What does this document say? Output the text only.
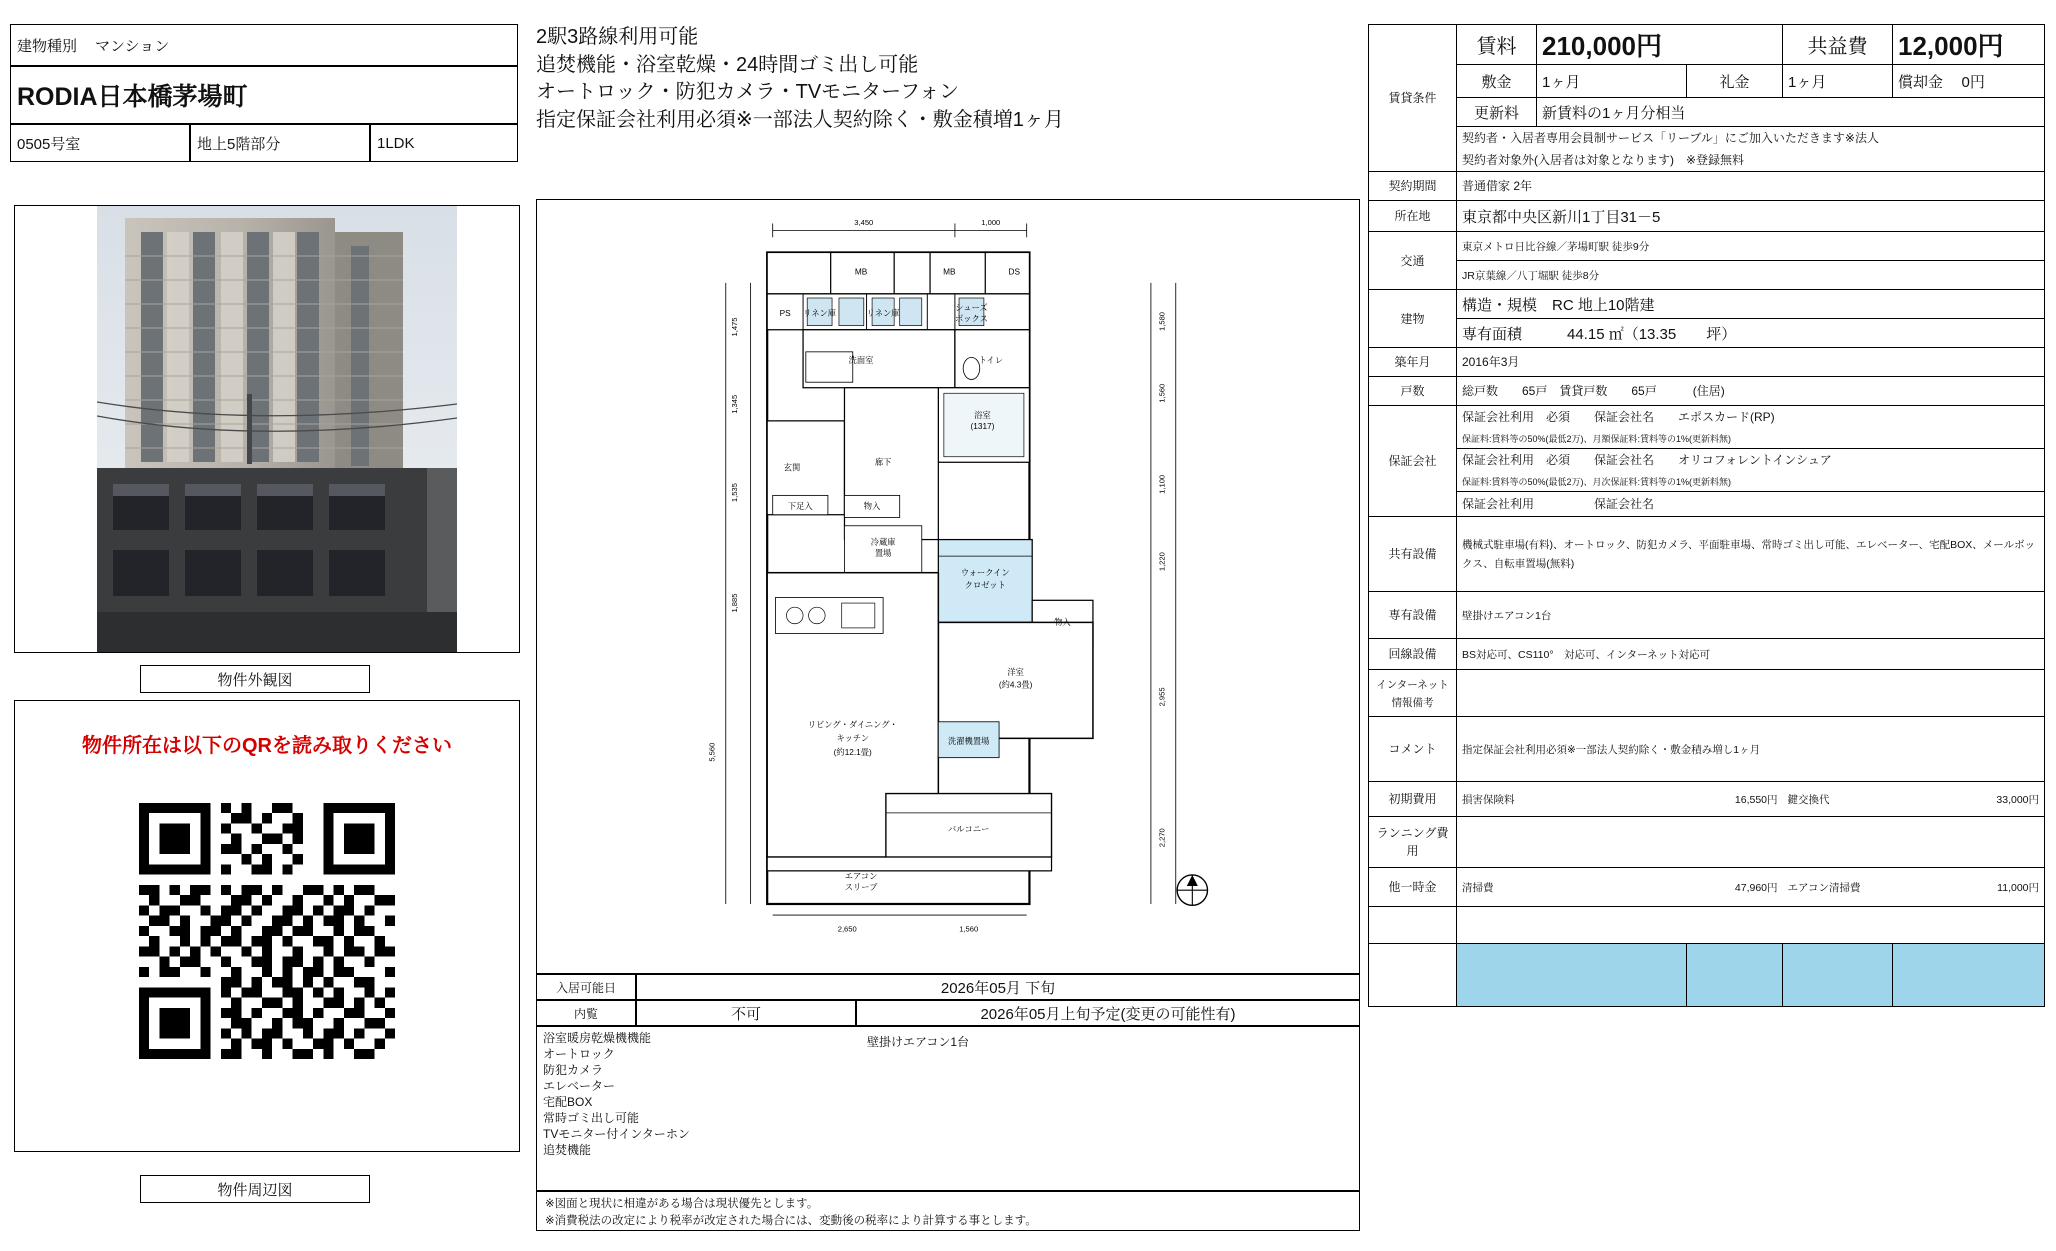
建物種別 マンション
RODIA日本橋茅場町
0505号室	地上5階部分	1LDK
物件外観図
物件所在は以下のQRを読み取りください
物件周辺図

2駅3路線利用可能

追焚機能・浴室乾燥・24時間ゴミ出し可能

オートロック・防犯カメラ・TVモニターフォン

指定保証会社利用必須※一部法人契約除く・敷金積増1ヶ月

MB	MB	DS
PS リネン庫	リネン庫
シューズ
ボックス
洗面室	トイレ
浴室
(1317)
玄関
廊下
下足入	物入
冷蔵庫
置場
ウォークイン
クロゼット
物入
洋室
(約4.3畳)
リビング・ダイニング・
キッチン
(約12.1畳)
洗濯機置場
バルコニー
エアコン
スリーブ
3,450	1,000
2,650	1,560
1,475
1,345
1,535
1,885
5,560
1,580
1,560
1,100
1,220
2,955
2,270
入居可能日	2026年05月 下旬
内覧	不可	2026年05月上旬予定(変更の可能性有)
浴室暖房乾燥機機能
オートロック
防犯カメラ
エレベーター
宅配BOX
常時ゴミ出し可能
TVモニター付インターホン
追焚機能
壁掛けエアコン1台
※図面と現状に相違がある場合は現状優先とします。
※消費税法の改定により税率が改定された場合には、変動後の税率により計算する事とします。
賃貸条件	賃料	210,000円		共益費	12,000円
	敷金	1ヶ月	礼金	1ヶ月	償却金 0円
	更新料	新賃料の1ヶ月分相当			
	契約者・入居者専用会員制サービス「リーブル」にご加入いただきます※法人				
	契約者対象外(入居者は対象となります)　※登録無料				
契約期間	普通借家 2年				
所在地	東京都中央区新川1丁目31－5				
交通	東京メトロ日比谷線／茅場町駅 徒歩9分				
	JR京葉線／八丁堀駅 徒歩8分				
建物	構造・規模　RC 地上10階建				
	専有面積　　　44.15 ㎡（13.35　　坪）				
築年月	2016年3月				
戸数	総戸数　　65戸　賃貸戸数　　65戸　　　(住居)				
保証会社	保証会社利用　必須　　保証会社名　　エポスカード(RP)				
	保証料:賃料等の50%(最低2万)、月額保証料:賃料等の1%(更新料無)				
	保証会社利用　必須　　保証会社名　　オリコフォレントインシュア				
	保証料:賃料等の50%(最低2万)、月次保証料:賃料等の1%(更新料無)				
	保証会社利用　　　　　保証会社名				
共有設備	機械式駐車場(有料)、オートロック、防犯カメラ、平面駐車場、常時ゴミ出し可能、エレベーター、宅配BOX、メールボックス、自転車置場(無料)				
専有設備	壁掛けエアコン1台				
回線設備	BS対応可、CS110°　対応可、インターネット対応可				
インターネット情報備考					
コメント	指定保証会社利用必須※一部法人契約除く・敷金積み増し1ヶ月				
初期費用	損害保険料		16,550円	鍵交換代	33,000円
ランニング費用					
他一時金	清掃費		47,960円	エアコン清掃費	11,000円
